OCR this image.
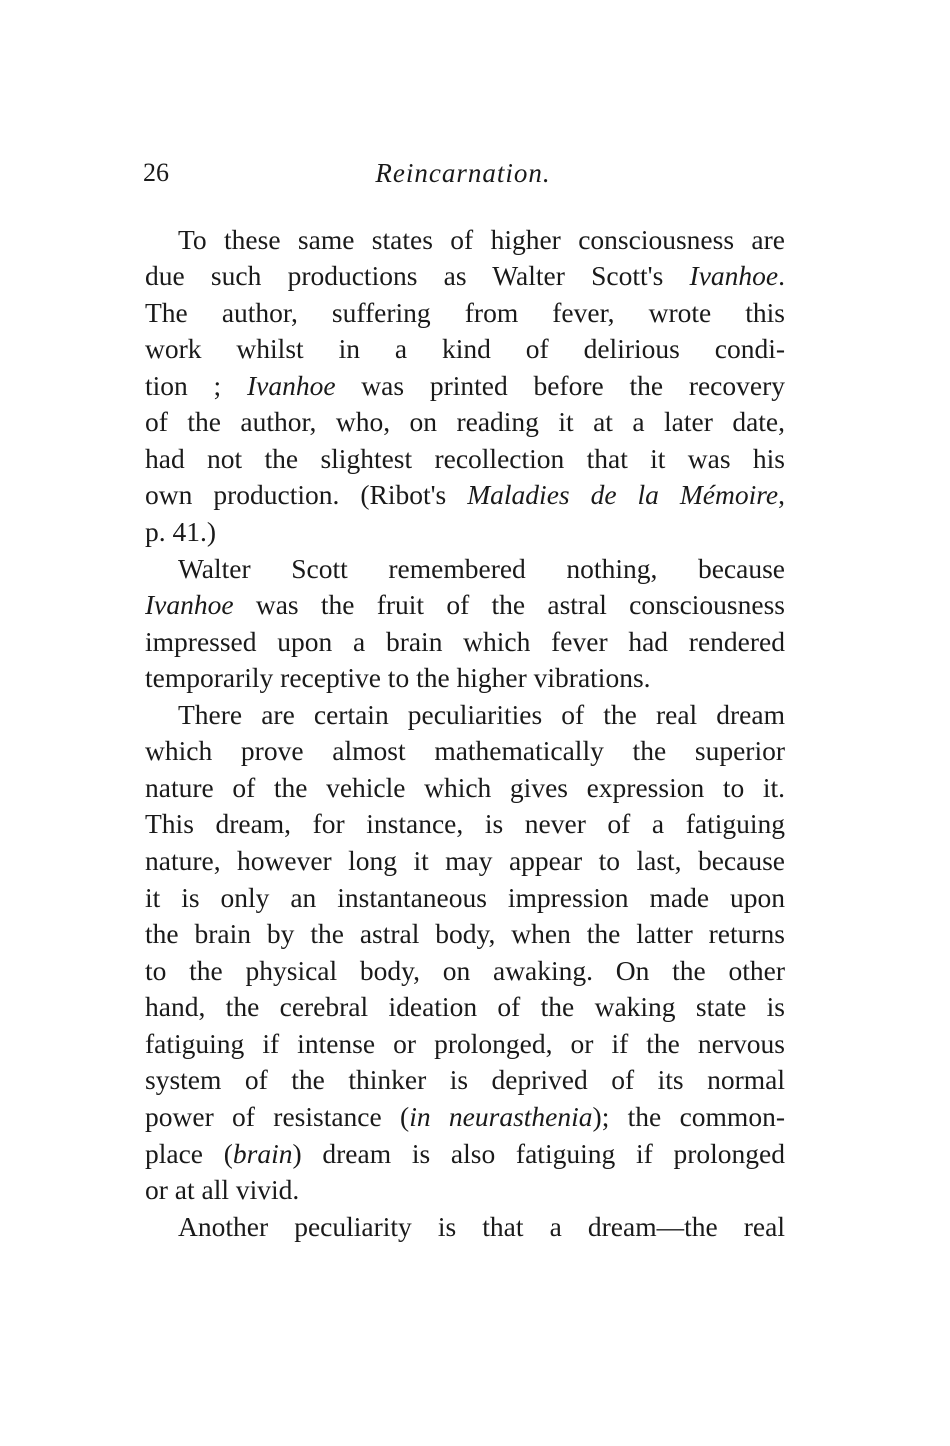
26	Reincarnation.
To these same states of higher consciousness are
due such productions as Walter Scott's Ivanhoe.
The author, suffering from fever, wrote this
work whilst in a kind of delirious condi-
tion ; Ivanhoe was printed before the recovery
of the author, who, on reading it at a later date,
had not the slightest recollection that it was his
own production. (Ribot's Maladies de la Mémoire,
p. 41.)
Walter Scott remembered nothing, because
Ivanhoe was the fruit of the astral consciousness
impressed upon a brain which fever had rendered
temporarily receptive to the higher vibrations.
There are certain peculiarities of the real dream
which prove almost mathematically the superior
nature of the vehicle which gives expression to it.
This dream, for instance, is never of a fatiguing
nature, however long it may appear to last, because
it is only an instantaneous impression made upon
the brain by the astral body, when the latter returns
to the physical body, on awaking. On the other
hand, the cerebral ideation of the waking state is
fatiguing if intense or prolonged, or if the nervous
system of the thinker is deprived of its normal
power of resistance (in neurasthenia); the common-
place (brain) dream is also fatiguing if prolonged
or at all vivid.
Another peculiarity is that a dream—the real
